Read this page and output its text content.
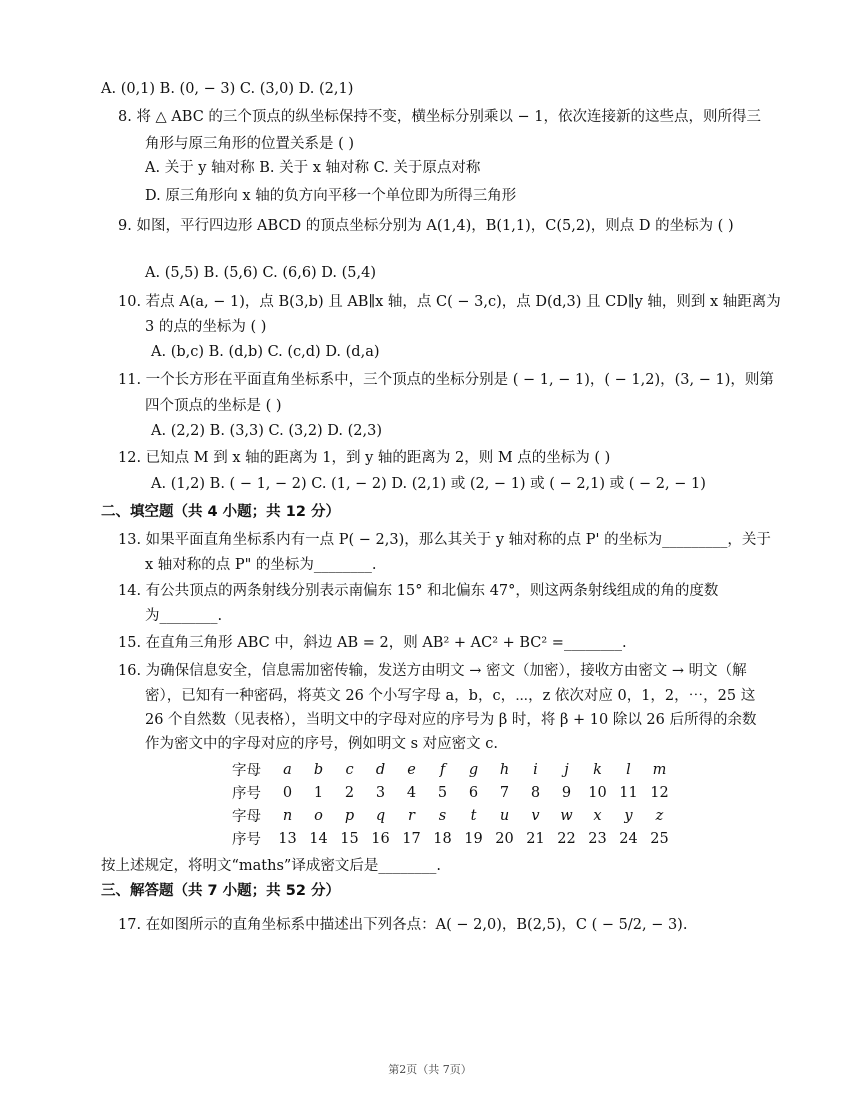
A. (0,1) B. (0, − 3) C. (3,0) D. (2,1)
8. 将 △ ABC 的三个顶点的纵坐标保持不变，横坐标分别乘以 − 1，依次连接新的这些点，则所得三
角形与原三角形的位置关系是 ( )
A. 关于 y 轴对称 B. 关于 x 轴对称 C. 关于原点对称
D. 原三角形向 x 轴的负方向平移一个单位即为所得三角形
9. 如图，平行四边形 ABCD 的顶点坐标分别为 A(1,4)，B(1,1)，C(5,2)，则点 D 的坐标为 ( )
A. (5,5) B. (5,6) C. (6,6) D. (5,4)
10. 若点 A(a, − 1)，点 B(3,b) 且 AB∥x 轴，点 C( − 3,c)，点 D(d,3) 且 CD∥y 轴，则到 x 轴距离为
3 的点的坐标为 ( )
A. (b,c) B. (d,b) C. (c,d) D. (d,a)
11. 一个长方形在平面直角坐标系中，三个顶点的坐标分别是 ( − 1, − 1)，( − 1,2)，(3, − 1)，则第
四个顶点的坐标是 ( )
A. (2,2) B. (3,3) C. (3,2) D. (2,3)
12. 已知点 M 到 x 轴的距离为 1，到 y 轴的距离为 2，则 M 点的坐标为 ( )
A. (1,2) B. ( − 1, − 2) C. (1, − 2) D. (2,1) 或 (2, − 1) 或 ( − 2,1) 或 ( − 2, − 1)
二、填空题（共 4 小题；共 12 分）
13. 如果平面直角坐标系内有一点 P( − 2,3)，那么其关于 y 轴对称的点 P' 的坐标为_________，关于
x 轴对称的点 P" 的坐标为________.
14. 有公共顶点的两条射线分别表示南偏东 15° 和北偏东 47°，则这两条射线组成的角的度数
为________.
15. 在直角三角形 ABC 中，斜边 AB = 2，则 AB² + AC² + BC² =________.
16. 为确保信息安全，信息需加密传输，发送方由明文 → 密文（加密），接收方由密文 → 明文（解
密），已知有一种密码，将英文 26 个小写字母 a，b，c，⋯，z 依次对应 0，1，2，⋯，25 这
26 个自然数（见表格），当明文中的字母对应的序号为 β 时，将 β + 10 除以 26 后所得的余数
作为密文中的字母对应的序号，例如明文 s 对应密文 c.
字母	a	b	c	d	e	f	g	h	i	j	k	l	m
序号	0	1	2	3	4	5	6	7	8	9	10	11	12
字母	n	o	p	q	r	s	t	u	v	w	x	y	z
序号	13	14	15	16	17	18	19	20	21	22	23	24	25
按上述规定，将明文“maths”译成密文后是________.
三、解答题（共 7 小题；共 52 分）
17. 在如图所示的直角坐标系中描述出下列各点：A( − 2,0)，B(2,5)，C ( − 5/2, − 3).
第2页（共 7页）
